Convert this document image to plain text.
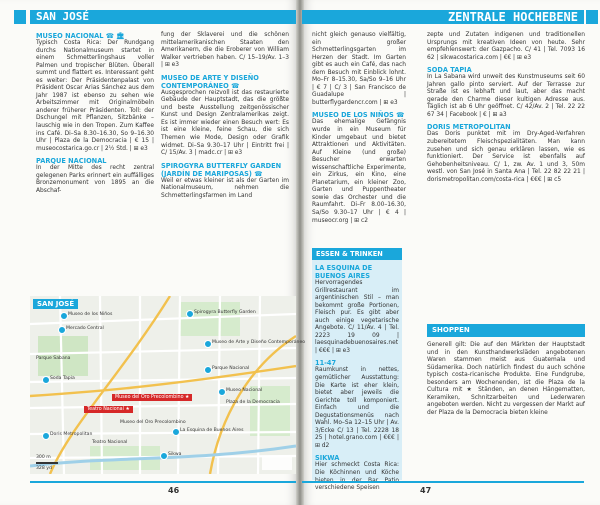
SAN JOSÉ	ZENTRALE HOCHEBENE
MUSEO NACIONAL ☎ 🏛

Typisch Costa Rica: Der Rundgang durchs Nationalmuseum startet in einem Schmetterlingshaus voller Palmen und tropischer Blüten. Überall summt und flattert es. Interessant geht es weiter: Der Präsidentenpalast von Präsident Oscar Arias Sánchez aus dem Jahr 1987 ist ebenso zu sehen wie Arbeitszimmer mit Originalmöbeln anderer früherer Präsidenten. Toll: der Dschungel mit Pflanzen, Sitzbänke – lauschig wie in den Tropen. Zum Kaffee ins Café. Di–Sa 8.30–16.30, So 9–16.30 Uhr | Plaza de la Democracia | € 15 | museocostarica.go.cr | 2½ Std. | ⊞ e3

PARQUE NACIONAL

In der Mitte des recht zentral gelegenen Parks erinnert ein auffälliges Bronzemonument von 1895 an die Abschaf-

fung der Sklaverei und die schönen mittelamerikanischen Staaten den Amerikanern, die die Eroberer von William Walker vertrieben haben. C/ 15–19/Av. 1–3 | ⊞ e3

MUSEO DE ARTE Y DISEÑO CONTEMPORÁNEO ☎

Ausgesprochen reizvoll ist das restaurierte Gebäude der Hauptstadt, das die größte und beste Ausstellung zeitgenössischer Kunst und Design Zentralamerikas zeigt. Es ist immer wieder einen Besuch wert: Es ist eine kleine, feine Schau, die sich Themen wie Mode, Design oder Grafik widmet. Di–Sa 9.30–17 Uhr | Eintritt frei | C/ 15/Av. 3 | madc.cr | ⊞ e3

SPIROGYRA BUTTERFLY GARDEN (JARDÍN DE MARIPOSAS) ☎

Weil er etwas kleiner ist als der Garten im Nationalmuseum, nehmen die Schmetterlingsfarmen im Land

SAN JOSÉ
Museo de los Niños
Mercado Central
Spirogyra Butterfly Garden
Museo de Arte y Diseño Contemporáneo
Parque Nacional
Museo Nacional
Museo del Oro Precolombino ★
Teatro Nacional ★
Soda Tapia
La Esquina de Buenos Aires
Doris Metropolitan
Sikwa
Parque Sabana
Plaza de la Democracia
Museo del Oro Precolombino
Teatro Nacional
300 m
328 yd
46

nicht gleich genauso vielfältig, ein großer Schmetterlingsgarten im Herzen der Stadt. Im Garten gibt es auch ein Café, das nach dem Besuch mit Einblick lohnt. Mo–Fr 8–15.30, Sa/So 9–16 Uhr | € 7 | C/ 3 | San Francisco de Guadalupe | butterflygardencr.com | ⊞ e3

MUSEO DE LOS NIÑOS ☎

Das ehemalige Gefängnis wurde in ein Museum für Kinder umgebaut und bietet Attraktionen und Aktivitäten. Auf Kleine (und große) Besucher erwarten wissenschaftliche Experimente, ein Zirkus, ein Kino, eine Planetarium, ein kleiner Zoo, Garten und Puppentheater sowie das Orchester und die Raumfahrt. Di–Fr 8.00–16.30, Sa/So 9.30–17 Uhr | € 4 | museocr.org | ⊞ c2

ESSEN & TRINKEN
LA ESQUINA DE BUENOS AIRES

Hervorragendes Grillrestaurant im argentinischen Stil – man bekommt große Portionen, Fleisch pur. Es gibt aber auch einige vegetarische Angebote. C/ 11/Av. 4 | Tel. 2223 19 09 | laesquinadebuenosaires.net | €€€ | ⊞ e3

11-47

Raumkunst in nettes, gemütlicher Ausstattung: Die Karte ist eher klein, bietet aber jeweils die Gerichte toll komponiert. Einfach und die Degustationsmenüs nach Wahl. Mo–Sa 12–15 Uhr | Av. 3/Ecke C/ 13 | Tel. 2228 18 25 | hotel.grano.com | €€€ | ⊞ d2

SIKWA

Hier schmeckt Costa Rica: Die Köchinnen und Köche verschiedene Speisen

zepte und Zutaten indigenen und traditionellen Ursprungs mit kreativen Ideen von heute. Sehr empfehlenswert: der Gazpacho. C/ 41 | Tel. 7093 16 62 | sikwacostarica.com | €€ | ⊞ e3

SODA TAPIA

In La Sabana wird unweit des Kunstmuseums seit 60 Jahren gallo pinto serviert. Auf der Terrasse zur Straße ist es lebhaft und laut, aber das macht gerade den Charme dieser kultigen Adresse aus. Täglich ist ab 6 Uhr geöffnet. C/ 42/Av. 2 | Tel. 22 22 67 34 | Facebook | € | ⊞ a3

DORIS METROPOLITAN

Das Doris punktet mit im Dry-Aged-Verfahren zubereitetem Fleischspezialitäten. Man kann zusehen und sich genau erklären lassen, wie es funktioniert. Der Service ist ebenfalls auf Gehobenheitsniveau. C/ 1, zw. Av. 1 und 3, 50m westl. von San José in Santa Ana | Tel. 22 82 22 21 | dorismetropolitan.com/costa-rica | €€€ | ⊞ c5

SHOPPEN
47

Generell gilt: Die auf den Märkten der Hauptstadt und in den Kunsthandwerksläden angebotenen Waren stammen meist aus Guatemala und Südamerika. Doch natürlich findest du auch schöne typisch costa-ricanische Produkte. Eine Fundgrube, besonders am Wochenenden, ist die Plaza de la Cultura mit ★ Ständen, an denen Hängematten, Keramiken, Schnitzarbeiten und Lederwaren angeboten werden. Nicht zu vergessen der Markt auf der Plaza de la Democracia bieten kleine
